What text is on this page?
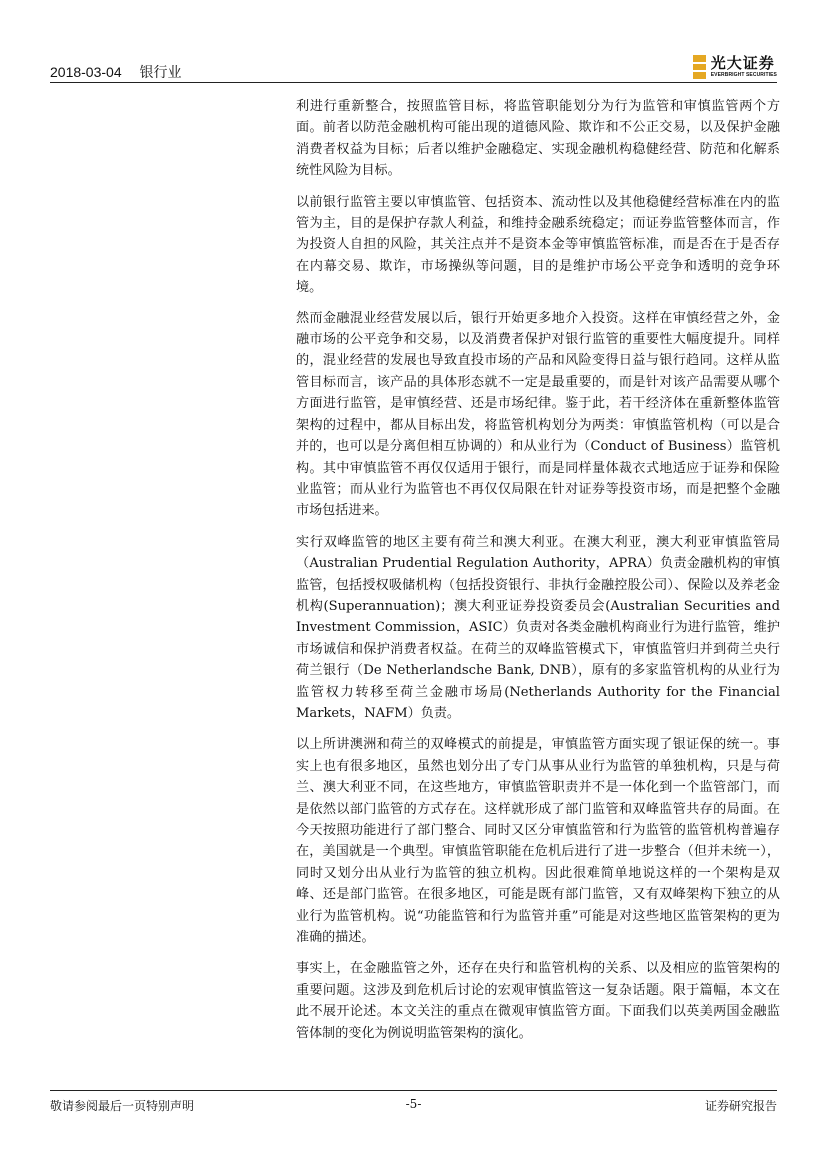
2018-03-04 银行业	光大证券
EVERBRIGHT SECURITIES

利进行重新整合，按照监管目标，将监管职能划分为行为监管和审慎监管两个方面。前者以防范金融机构可能出现的道德风险、欺诈和不公正交易，以及保护金融消费者权益为目标；后者以维护金融稳定、实现金融机构稳健经营、防范和化解系统性风险为目标。

以前银行监管主要以审慎监管、包括资本、流动性以及其他稳健经营标准在内的监管为主，目的是保护存款人利益，和维持金融系统稳定；而证券监管整体而言，作为投资人自担的风险，其关注点并不是资本金等审慎监管标准，而是否在于是否存在内幕交易、欺诈，市场操纵等问题，目的是维护市场公平竞争和透明的竞争环境。

然而金融混业经营发展以后，银行开始更多地介入投资。这样在审慎经营之外，金融市场的公平竞争和交易，以及消费者保护对银行监管的重要性大幅度提升。同样的，混业经营的发展也导致直投市场的产品和风险变得日益与银行趋同。这样从监管目标而言，该产品的具体形态就不一定是最重要的，而是针对该产品需要从哪个方面进行监管，是审慎经营、还是市场纪律。鉴于此，若干经济体在重新整体监管架构的过程中，都从目标出发，将监管机构划分为两类：审慎监管机构（可以是合并的，也可以是分离但相互协调的）和从业行为（Conduct of Business）监管机构。其中审慎监管不再仅仅适用于银行，而是同样量体裁衣式地适应于证券和保险业监管；而从业行为监管也不再仅仅局限在针对证券等投资市场，而是把整个金融市场包括进来。

实行双峰监管的地区主要有荷兰和澳大利亚。在澳大利亚，澳大利亚审慎监管局（Australian Prudential Regulation Authority，APRA）负责金融机构的审慎监管，包括授权吸储机构（包括投资银行、非执行金融控股公司）、保险以及养老金机构(Superannuation)；澳大利亚证券投资委员会(Australian Securities and Investment Commission，ASIC）负责对各类金融机构商业行为进行监管，维护市场诚信和保护消费者权益。在荷兰的双峰监管模式下，审慎监管归并到荷兰央行荷兰银行（De Netherlandsche Bank, DNB），原有的多家监管机构的从业行为监管权力转移至荷兰金融市场局(Netherlands Authority for the Financial Markets，NAFM）负责。

以上所讲澳洲和荷兰的双峰模式的前提是，审慎监管方面实现了银证保的统一。事实上也有很多地区，虽然也划分出了专门从事从业行为监管的单独机构，只是与荷兰、澳大利亚不同，在这些地方，审慎监管职责并不是一体化到一个监管部门，而是依然以部门监管的方式存在。这样就形成了部门监管和双峰监管共存的局面。在今天按照功能进行了部门整合、同时又区分审慎监管和行为监管的监管机构普遍存在，美国就是一个典型。审慎监管职能在危机后进行了进一步整合（但并未统一），同时又划分出从业行为监管的独立机构。因此很难简单地说这样的一个架构是双峰、还是部门监管。在很多地区，可能是既有部门监管，又有双峰架构下独立的从业行为监管机构。说“功能监管和行为监管并重”可能是对这些地区监管架构的更为准确的描述。

事实上，在金融监管之外，还存在央行和监管机构的关系、以及相应的监管架构的重要问题。这涉及到危机后讨论的宏观审慎监管这一复杂话题。限于篇幅，本文在此不展开论述。本文关注的重点在微观审慎监管方面。下面我们以英美两国金融监管体制的变化为例说明监管架构的演化。

敬请参阅最后一页特别声明	-5-	证券研究报告
